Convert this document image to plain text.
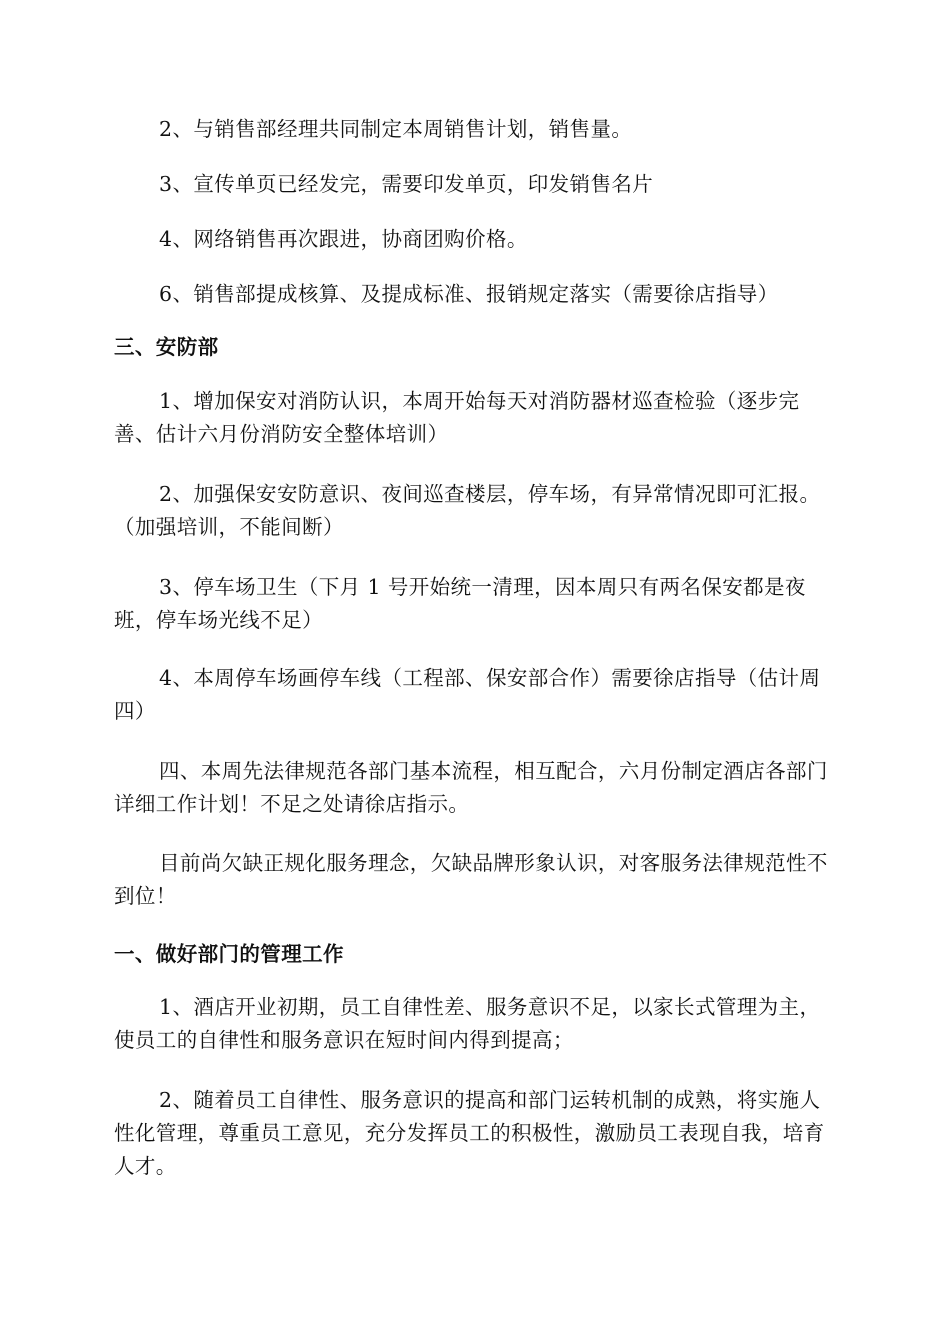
2、与销售部经理共同制定本周销售计划，销售量。

3、宣传单页已经发完，需要印发单页，印发销售名片

4、网络销售再次跟进，协商团购价格。

6、销售部提成核算、及提成标准、报销规定落实（需要徐店指导）

三、安防部

1、增加保安对消防认识，本周开始每天对消防器材巡查检验（逐步完善、估计六月份消防安全整体培训）

2、加强保安安防意识、夜间巡查楼层，停车场，有异常情况即可汇报。（加强培训，不能间断）

3、停车场卫生（下月 1 号开始统一清理，因本周只有两名保安都是夜班，停车场光线不足）

4、本周停车场画停车线（工程部、保安部合作）需要徐店指导（估计周四）

四、本周先法律规范各部门基本流程，相互配合，六月份制定酒店各部门详细工作计划！不足之处请徐店指示。

目前尚欠缺正规化服务理念，欠缺品牌形象认识，对客服务法律规范性不到位！

一、做好部门的管理工作

1、酒店开业初期，员工自律性差、服务意识不足，以家长式管理为主，使员工的自律性和服务意识在短时间内得到提高；

2、随着员工自律性、服务意识的提高和部门运转机制的成熟，将实施人性化管理，尊重员工意见，充分发挥员工的积极性，激励员工表现自我，培育人才。
